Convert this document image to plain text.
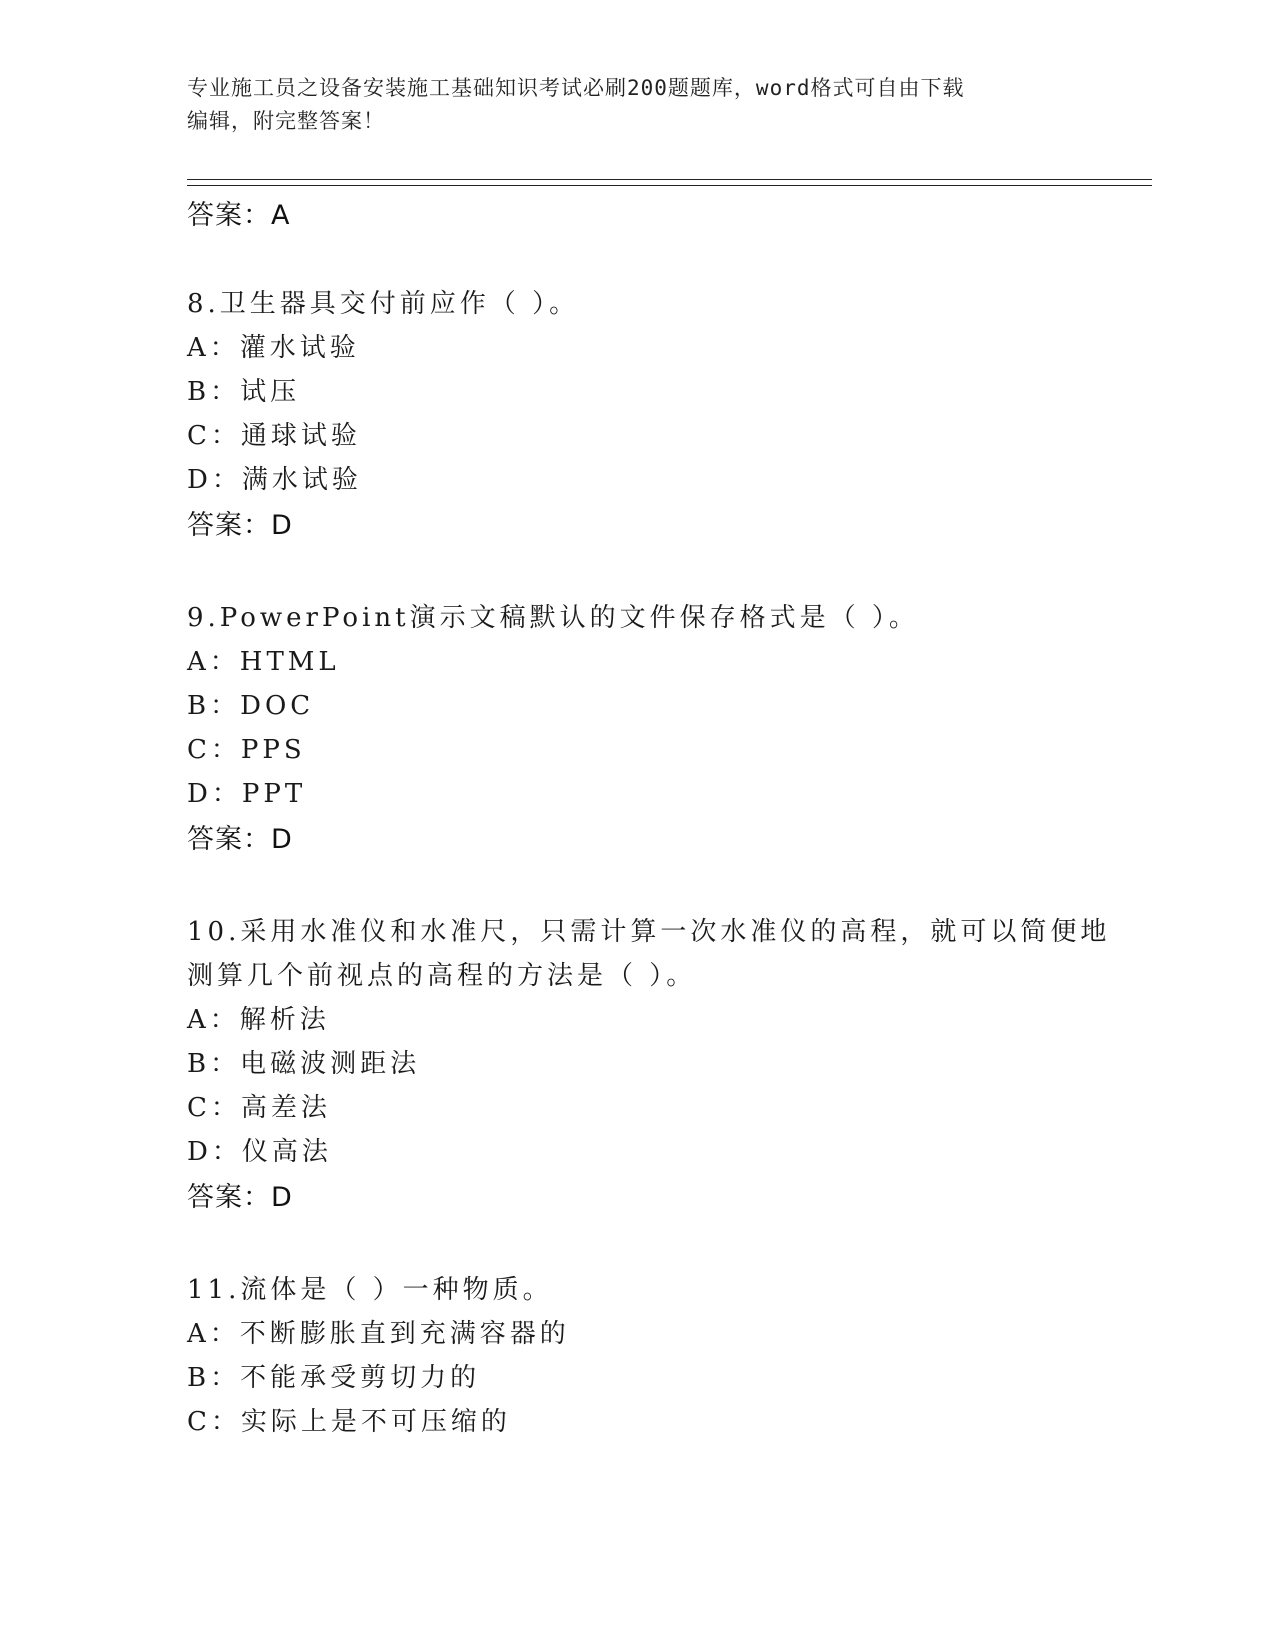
专业施工员之设备安装施工基础知识考试必刷200题题库，word格式可自由下载
编辑，附完整答案！
答案：A
8.卫生器具交付前应作（ ）。
A：灌水试验
B：试压
C：通球试验
D：满水试验
答案：D
9.PowerPoint演示文稿默认的文件保存格式是（ ）。
A：HTML
B：DOC
C：PPS
D：PPT
答案：D
10.采用水准仪和水准尺，只需计算一次水准仪的高程，就可以简便地
测算几个前视点的高程的方法是（ ）。
A：解析法
B：电磁波测距法
C：高差法
D：仪高法
答案：D
11.流体是（ ）一种物质。
A：不断膨胀直到充满容器的
B：不能承受剪切力的
C：实际上是不可压缩的
